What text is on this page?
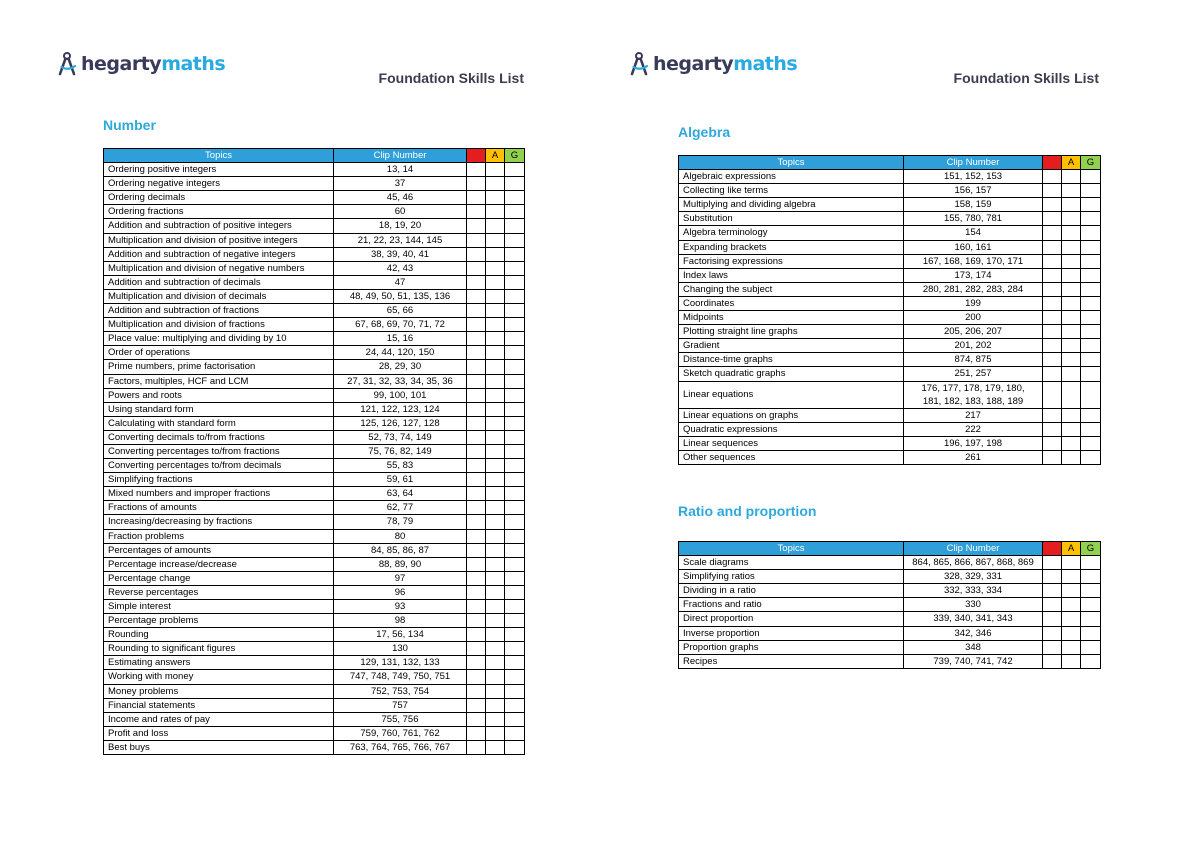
hegartymaths
Foundation Skills List
Number
Topics	Clip Number	R	A	G
Ordering positive integers	13, 14			
Ordering negative integers	37			
Ordering decimals	45, 46			
Ordering fractions	60			
Addition and subtraction of positive integers	18, 19, 20			
Multiplication and division of positive integers	21, 22, 23, 144, 145			
Addition and subtraction of negative integers	38, 39, 40, 41			
Multiplication and division of negative numbers	42, 43			
Addition and subtraction of decimals	47			
Multiplication and division of decimals	48, 49, 50, 51, 135, 136			
Addition and subtraction of fractions	65, 66			
Multiplication and division of fractions	67, 68, 69, 70, 71, 72			
Place value: multiplying and dividing by 10	15, 16			
Order of operations	24, 44, 120, 150			
Prime numbers, prime factorisation	28, 29, 30			
Factors, multiples, HCF and LCM	27, 31, 32, 33, 34, 35, 36			
Powers and roots	99, 100, 101			
Using standard form	121, 122, 123, 124			
Calculating with standard form	125, 126, 127, 128			
Converting decimals to/from fractions	52, 73, 74, 149			
Converting percentages to/from fractions	75, 76, 82, 149			
Converting percentages to/from decimals	55, 83			
Simplifying fractions	59, 61			
Mixed numbers and improper fractions	63, 64			
Fractions of amounts	62, 77			
Increasing/decreasing by fractions	78, 79			
Fraction problems	80			
Percentages of amounts	84, 85, 86, 87			
Percentage increase/decrease	88, 89, 90			
Percentage change	97			
Reverse percentages	96			
Simple interest	93			
Percentage problems	98			
Rounding	17, 56, 134			
Rounding to significant figures	130			
Estimating answers	129, 131, 132, 133			
Working with money	747, 748, 749, 750, 751			
Money problems	752, 753, 754			
Financial statements	757			
Income and rates of pay	755, 756			
Profit and loss	759, 760, 761, 762			
Best buys	763, 764, 765, 766, 767			
hegartymaths
Foundation Skills List
Algebra
Topics	Clip Number	R	A	G
Algebraic expressions	151, 152, 153			
Collecting like terms	156, 157			
Multiplying and dividing algebra	158, 159			
Substitution	155, 780, 781			
Algebra terminology	154			
Expanding brackets	160, 161			
Factorising expressions	167, 168, 169, 170, 171			
Index laws	173, 174			
Changing the subject	280, 281, 282, 283, 284			
Coordinates	199			
Midpoints	200			
Plotting straight line graphs	205, 206, 207			
Gradient	201, 202			
Distance-time graphs	874, 875			
Sketch quadratic graphs	251, 257			
Linear equations	176, 177, 178, 179, 180,
181, 182, 183, 188, 189			

Linear equations on graphs	217			
Quadratic expressions	222			
Linear sequences	196, 197, 198			
Other sequences	261			
Ratio and proportion
Topics	Clip Number	R	A	G
Scale diagrams	864, 865, 866, 867, 868, 869			
Simplifying ratios	328, 329, 331			
Dividing in a ratio	332, 333, 334			
Fractions and ratio	330			
Direct proportion	339, 340, 341, 343			
Inverse proportion	342, 346			
Proportion graphs	348			
Recipes	739, 740, 741, 742			
